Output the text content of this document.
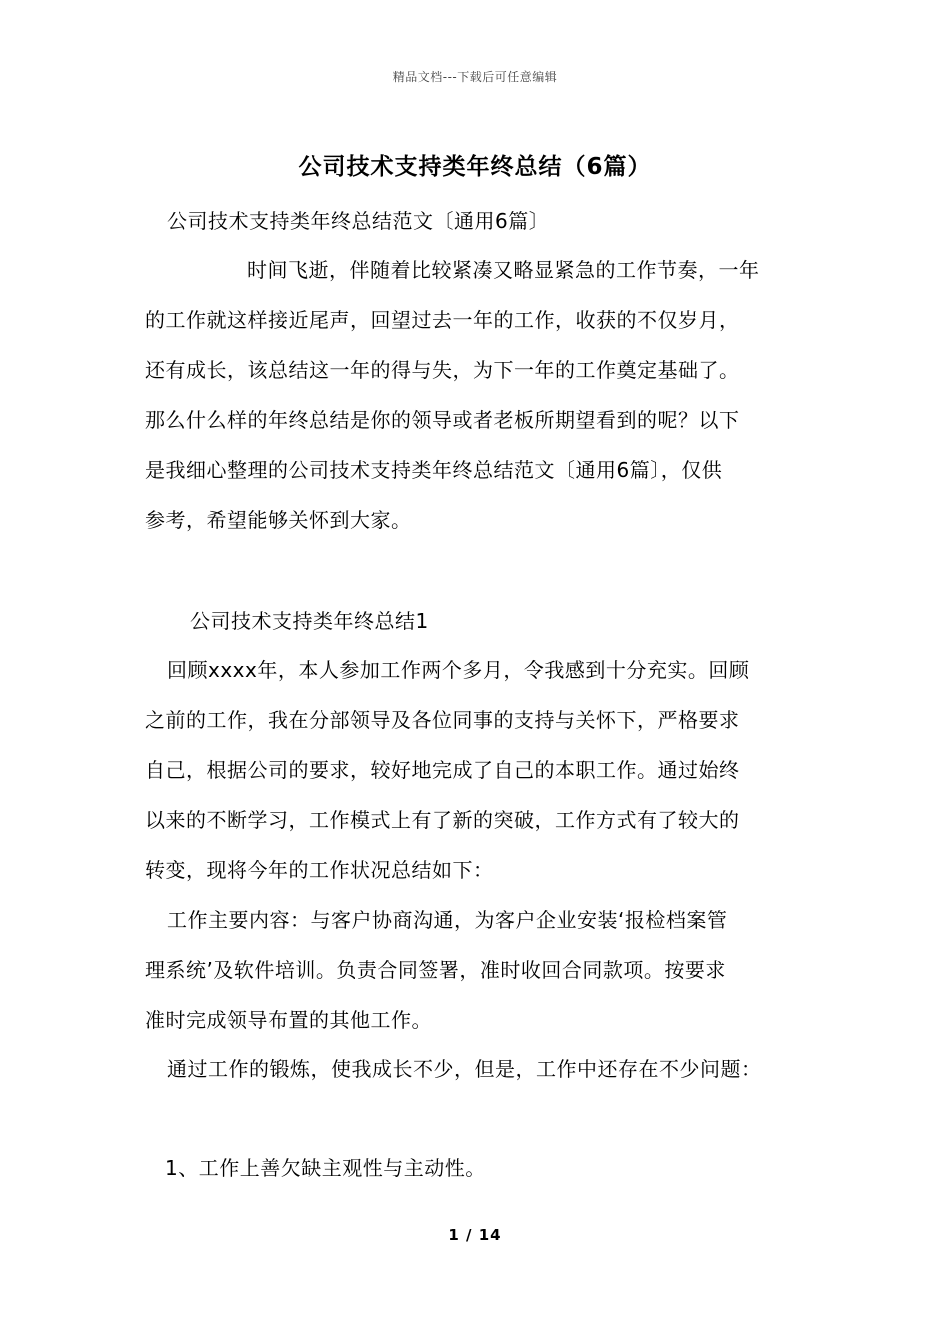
精品文档---下载后可任意编辑
公司技术支持类年终总结（6篇）
公司技术支持类年终总结范文〔通用6篇〕
时间飞逝，伴随着比较紧凑又略显紧急的工作节奏，一年
的工作就这样接近尾声，回望过去一年的工作，收获的不仅岁月，
还有成长，该总结这一年的得与失，为下一年的工作奠定基础了。
那么什么样的年终总结是你的领导或者老板所期望看到的呢？以下
是我细心整理的公司技术支持类年终总结范文〔通用6篇〕，仅供
参考，希望能够关怀到大家。
公司技术支持类年终总结1
回顾xxxx年，本人参加工作两个多月，令我感到十分充实。回顾
之前的工作，我在分部领导及各位同事的支持与关怀下，严格要求
自己，根据公司的要求，较好地完成了自己的本职工作。通过始终
以来的不断学习，工作模式上有了新的突破，工作方式有了较大的
转变，现将今年的工作状况总结如下：
工作主要内容：与客户协商沟通，为客户企业安装‘报检档案管
理系统’及软件培训。负责合同签署，准时收回合同款项。按要求
准时完成领导布置的其他工作。
通过工作的锻炼，使我成长不少，但是，工作中还存在不少问题：
1、工作上善欠缺主观性与主动性。
1 / 14
